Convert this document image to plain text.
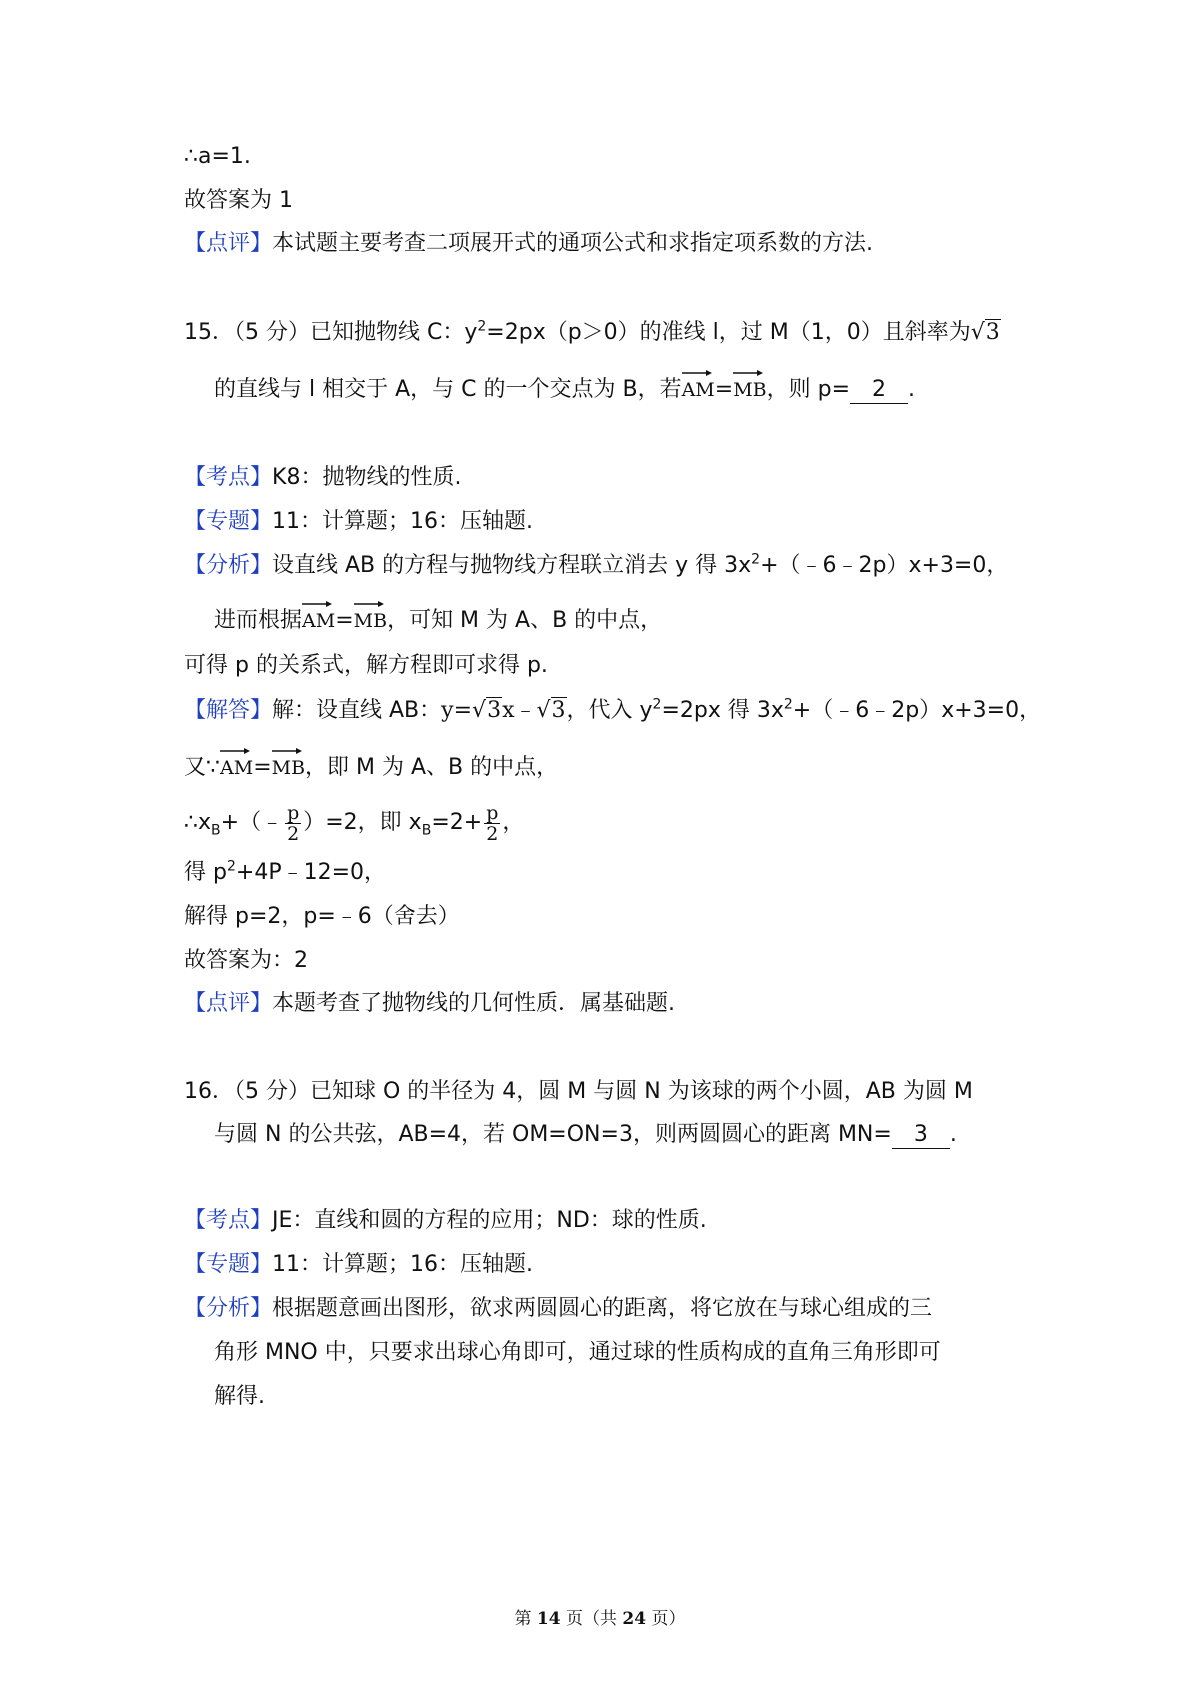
∴a=1.
故答案为 1
【点评】本试题主要考查二项展开式的通项公式和求指定项系数的方法.
15．（5 分）已知抛物线 C：$y^2=2px(p>0)$的准线 l，过 M（1，0）且斜率为√3
的直线与 l 相交于 A，与 C 的一个交点为 B，若
AM=
MB，则 p= 2 .
【考点】K8：抛物线的性质.
【专题】11：计算题；16：压轴题.
【分析】设直线 AB 的方程与抛物线方程联立消去 y 得 $3x^2+(﹣6﹣2p)x+3=0$，
进而根据
AM=
MB，可知 M 为 A、B 的中点，
可得 p 的关系式，解方程即可求得 p.
【解答】解：设直线 AB：y=√3x﹣√3，代入 $y^2=2px$ 得 $3x^2+(﹣6﹣2p)x+3=0$，
又∵
AM=
MB，即 M 为 A、B 的中点，
$\therefore x_B+(﹣ \frac{p}{2} )=2$，即 $x_B=2+ \frac{p}{2}$ ，
得 $p^2+4P﹣12=0$，
解得 p=2，p=﹣6（舍去）
故答案为：2
【点评】本题考查了抛物线的几何性质．属基础题.
16．（5 分）已知球 O 的半径为 4，圆 M 与圆 N 为该球的两个小圆，AB 为圆 M
与圆 N 的公共弦，AB=4，若 OM=ON=3，则两圆圆心的距离 MN= 3 .
【考点】JE：直线和圆的方程的应用；ND：球的性质.
【专题】11：计算题；16：压轴题.
【分析】根据题意画出图形，欲求两圆圆心的距离，将它放在与球心组成的三
角形 MNO 中，只要求出球心角即可，通过球的性质构成的直角三角形即可
解得.
第 14 页（共 24 页）
